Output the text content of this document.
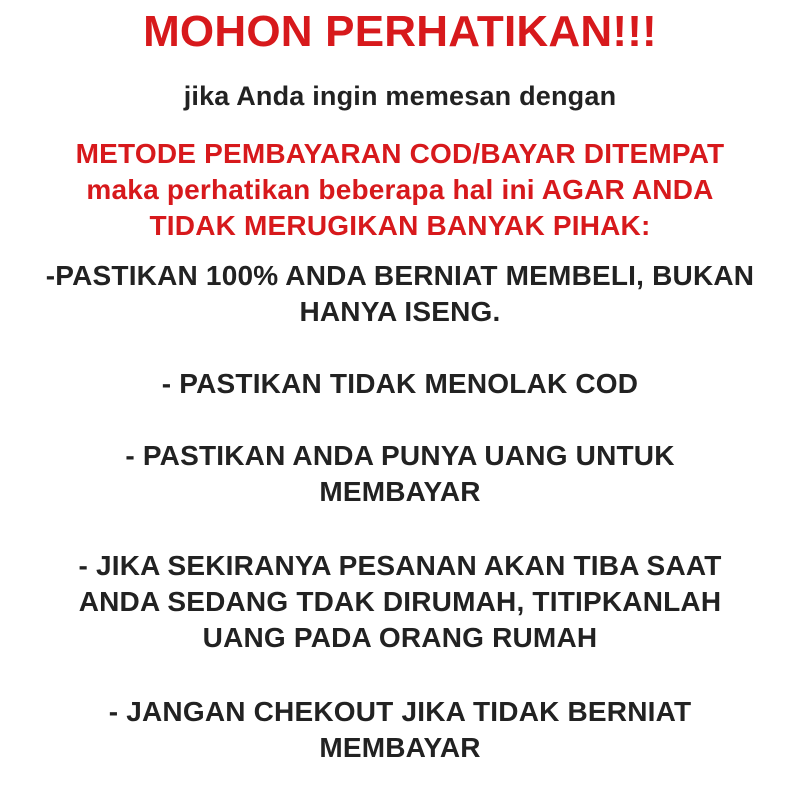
MOHON PERHATIKAN!!!
jika Anda ingin memesan dengan
METODE PEMBAYARAN COD/BAYAR DITEMPAT
maka perhatikan beberapa hal ini AGAR ANDA
TIDAK MERUGIKAN BANYAK PIHAK:
-PASTIKAN 100% ANDA BERNIAT MEMBELI, BUKAN
HANYA ISENG.
- PASTIKAN TIDAK MENOLAK COD
- PASTIKAN ANDA PUNYA UANG UNTUK
MEMBAYAR
- JIKA SEKIRANYA PESANAN AKAN TIBA SAAT
ANDA SEDANG TDAK DIRUMAH, TITIPKANLAH
UANG PADA ORANG RUMAH
- JANGAN CHEKOUT JIKA TIDAK BERNIAT
MEMBAYAR
